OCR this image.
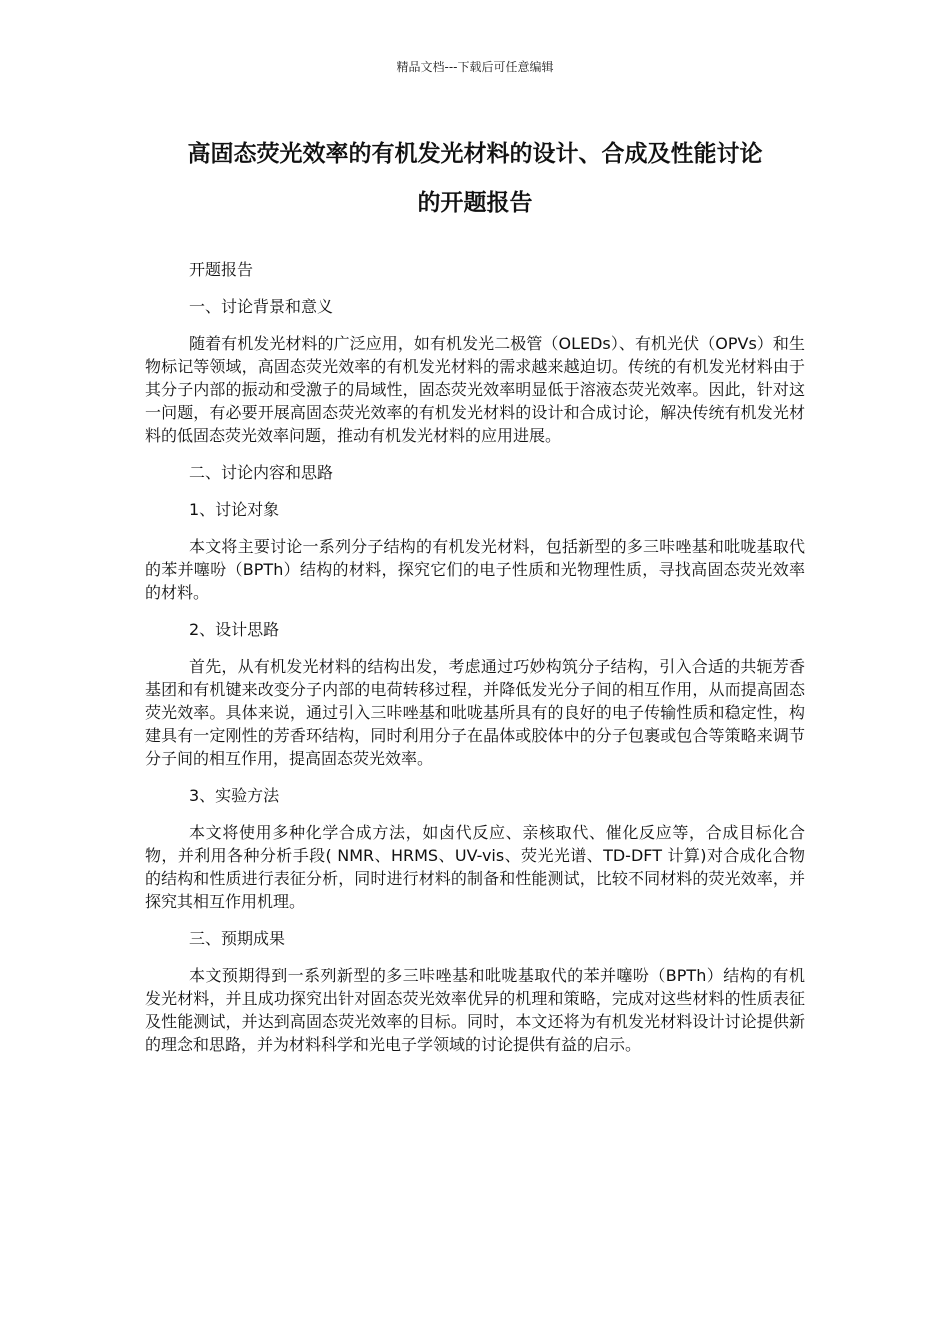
精品文档---下载后可任意编辑
高固态荧光效率的有机发光材料的设计、合成及性能讨论
的开题报告

开题报告

一、讨论背景和意义

随着有机发光材料的广泛应用，如有机发光二极管（OLEDs）、有机光伏（OPVs）和生物标记等领域，高固态荧光效率的有机发光材料的需求越来越迫切。传统的有机发光材料由于其分子内部的振动和受激子的局域性，固态荧光效率明显低于溶液态荧光效率。因此，针对这一问题，有必要开展高固态荧光效率的有机发光材料的设计和合成讨论，解决传统有机发光材料的低固态荧光效率问题，推动有机发光材料的应用进展。

二、讨论内容和思路

1、讨论对象

本文将主要讨论一系列分子结构的有机发光材料，包括新型的多三咔唑基和吡咙基取代的苯并噻吩（BPTh）结构的材料，探究它们的电子性质和光物理性质，寻找高固态荧光效率的材料。

2、设计思路

首先，从有机发光材料的结构出发，考虑通过巧妙构筑分子结构，引入合适的共轭芳香基团和有机键来改变分子内部的电荷转移过程，并降低发光分子间的相互作用，从而提高固态荧光效率。具体来说，通过引入三咔唑基和吡咙基所具有的良好的电子传输性质和稳定性，构建具有一定刚性的芳香环结构，同时利用分子在晶体或胶体中的分子包裹或包合等策略来调节分子间的相互作用，提高固态荧光效率。

3、实验方法

本文将使用多种化学合成方法，如卤代反应、亲核取代、催化反应等，合成目标化合物，并利用各种分析手段( NMR、HRMS、UV-vis、荧光光谱、TD-DFT 计算)对合成化合物的结构和性质进行表征分析，同时进行材料的制备和性能测试，比较不同材料的荧光效率，并探究其相互作用机理。

三、预期成果

本文预期得到一系列新型的多三咔唑基和吡咙基取代的苯并噻吩（BPTh）结构的有机发光材料，并且成功探究出针对固态荧光效率优异的机理和策略，完成对这些材料的性质表征及性能测试，并达到高固态荧光效率的目标。同时，本文还将为有机发光材料设计讨论提供新的理念和思路，并为材料科学和光电子学领域的讨论提供有益的启示。
